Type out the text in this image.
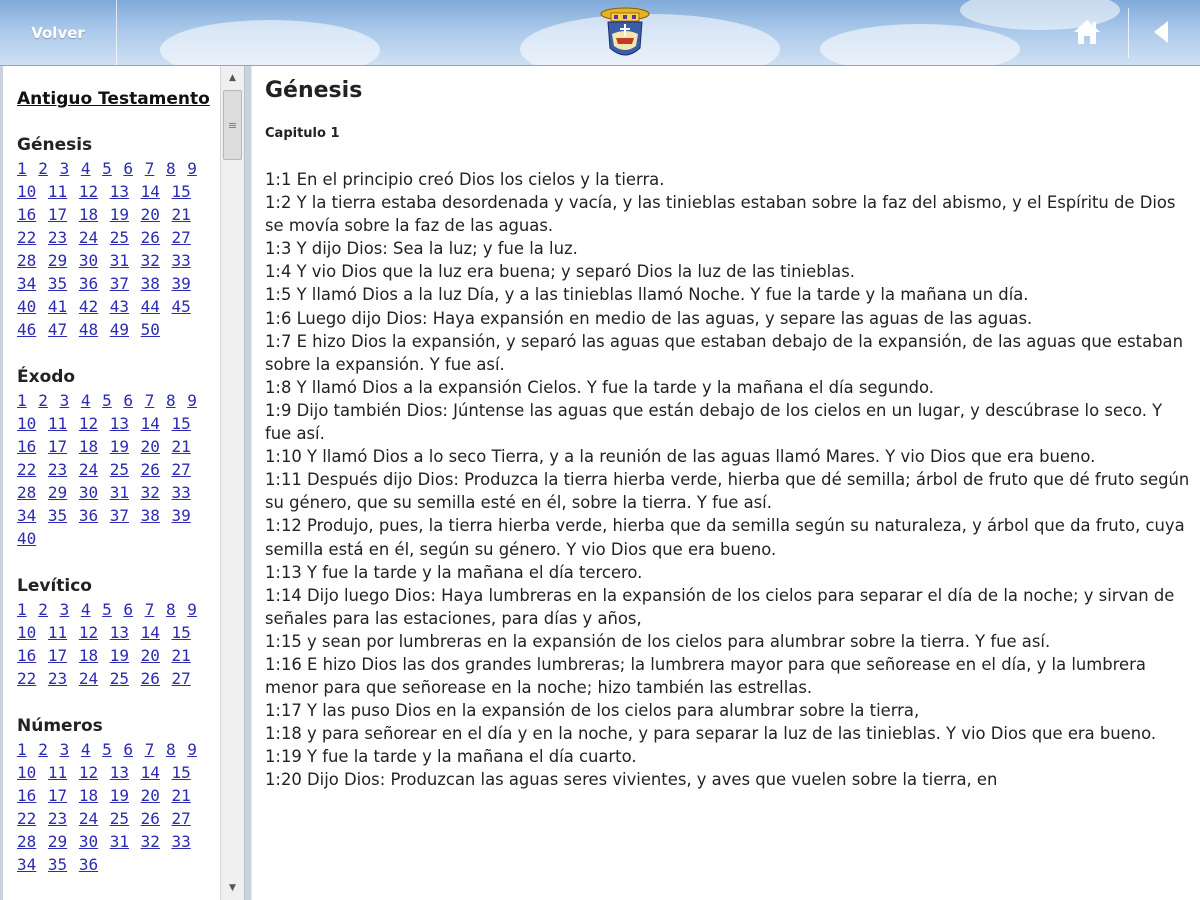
Volver
Antiguo Testamento
Génesis
1 2 3 4 5 6 7 8 9 10 11 12 13 14 15 16 17 18 19 20 21 22 23 24 25 26 27 28 29 30 31 32 33 34 35 36 37 38 39 40 41 42 43 44 45 46 47 48 49 50
Éxodo
1 2 3 4 5 6 7 8 9 10 11 12 13 14 15 16 17 18 19 20 21 22 23 24 25 26 27 28 29 30 31 32 33 34 35 36 37 38 39 40
Levítico
1 2 3 4 5 6 7 8 9 10 11 12 13 14 15 16 17 18 19 20 21 22 23 24 25 26 27
Números
1 2 3 4 5 6 7 8 9 10 11 12 13 14 15 16 17 18 19 20 21 22 23 24 25 26 27 28 29 30 31 32 33 34 35 36
▲
≡
▼
Génesis
Capitulo 1
1:1 En el principio creó Dios los cielos y la tierra.
1:2 Y la tierra estaba desordenada y vacía, y las tinieblas estaban sobre la faz del abismo, y el Espíritu de Dios se movía sobre la faz de las aguas.
1:3 Y dijo Dios: Sea la luz; y fue la luz.
1:4 Y vio Dios que la luz era buena; y separó Dios la luz de las tinieblas.
1:5 Y llamó Dios a la luz Día, y a las tinieblas llamó Noche. Y fue la tarde y la mañana un día.
1:6 Luego dijo Dios: Haya expansión en medio de las aguas, y separe las aguas de las aguas.
1:7 E hizo Dios la expansión, y separó las aguas que estaban debajo de la expansión, de las aguas que estaban sobre la expansión. Y fue así.
1:8 Y llamó Dios a la expansión Cielos. Y fue la tarde y la mañana el día segundo.
1:9 Dijo también Dios: Júntense las aguas que están debajo de los cielos en un lugar, y descúbrase lo seco. Y fue así.
1:10 Y llamó Dios a lo seco Tierra, y a la reunión de las aguas llamó Mares. Y vio Dios que era bueno.
1:11 Después dijo Dios: Produzca la tierra hierba verde, hierba que dé semilla; árbol de fruto que dé fruto según su género, que su semilla esté en él, sobre la tierra. Y fue así.
1:12 Produjo, pues, la tierra hierba verde, hierba que da semilla según su naturaleza, y árbol que da fruto, cuya semilla está en él, según su género. Y vio Dios que era bueno.
1:13 Y fue la tarde y la mañana el día tercero.
1:14 Dijo luego Dios: Haya lumbreras en la expansión de los cielos para separar el día de la noche; y sirvan de señales para las estaciones, para días y años,
1:15 y sean por lumbreras en la expansión de los cielos para alumbrar sobre la tierra. Y fue así.
1:16 E hizo Dios las dos grandes lumbreras; la lumbrera mayor para que señorease en el día, y la lumbrera menor para que señorease en la noche; hizo también las estrellas.
1:17 Y las puso Dios en la expansión de los cielos para alumbrar sobre la tierra,
1:18 y para señorear en el día y en la noche, y para separar la luz de las tinieblas. Y vio Dios que era bueno.
1:19 Y fue la tarde y la mañana el día cuarto.
1:20 Dijo Dios: Produzcan las aguas seres vivientes, y aves que vuelen sobre la tierra, en
